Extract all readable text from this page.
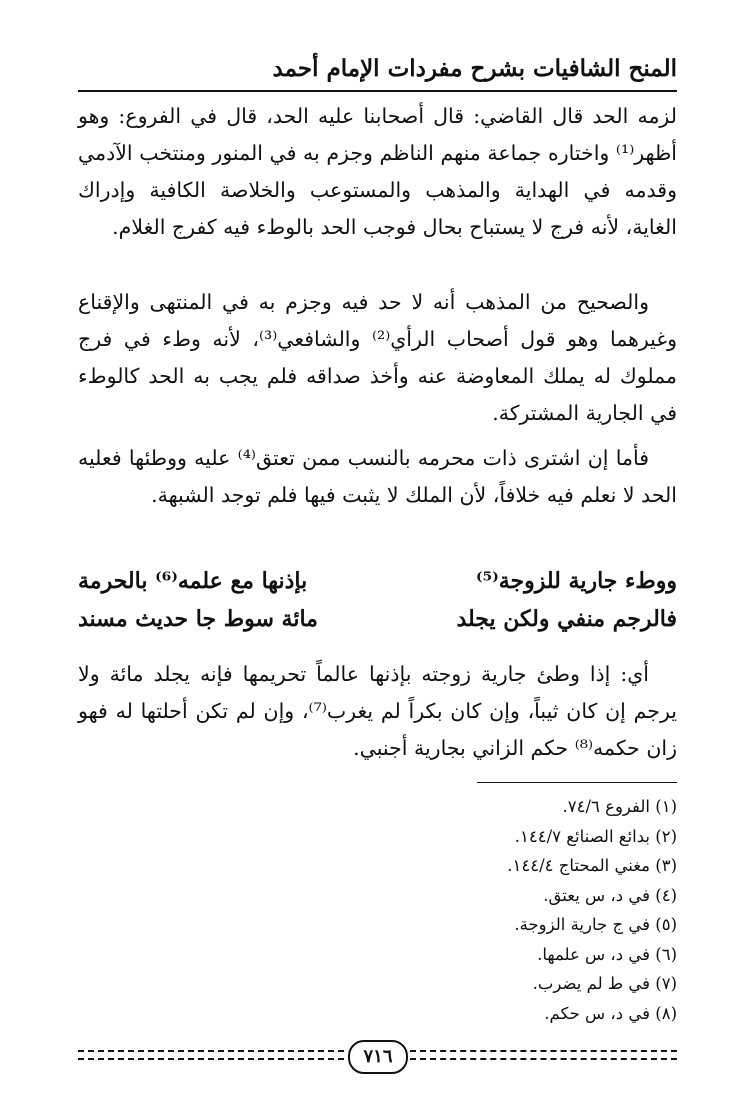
المنح الشافيات بشرح مفردات الإمام أحمد

لزمه الحد قال القاضي: قال أصحابنا عليه الحد، قال في الفروع: وهو أظهر⁽¹⁾ واختاره جماعة منهم الناظم وجزم به في المنور ومنتخب الآدمي وقدمه في الهداية والمذهب والمستوعب والخلاصة الكافية وإدراك الغاية، لأنه فرج لا يستباح بحال فوجب الحد بالوطء فيه كفرج الغلام.

والصحيح من المذهب أنه لا حد فيه وجزم به في المنتهى والإقناع وغيرهما وهو قول أصحاب الرأي⁽²⁾ والشافعي⁽³⁾، لأنه وطء في فرج مملوك له يملك المعاوضة عنه وأخذ صداقه فلم يجب به الحد كالوطء في الجارية المشتركة.

فأما إن اشترى ذات محرمه بالنسب ممن تعتق⁽⁴⁾ عليه ووطئها فعليه الحد لا نعلم فيه خلافاً، لأن الملك لا يثبت فيها فلم توجد الشبهة.

ووطء جارية للزوجة⁽⁵⁾
بإذنها مع علمه⁽⁶⁾ بالحرمة
فالرجم منفي ولكن يجلد
مائة سوط جا حديث مسند

أي: إذا وطئ جارية زوجته بإذنها عالماً تحريمها فإنه يجلد مائة ولا يرجم إن كان ثيباً، وإن كان بكراً لم يغرب⁽⁷⁾، وإن لم تكن أحلتها له فهو زان حكمه⁽⁸⁾ حكم الزاني بجارية أجنبي.

(١) الفروع ٧٤/٦.
(٢) بدائع الصنائع ١٤٤/٧.
(٣) مغني المحتاج ١٤٤/٤.
(٤) في د، س يعتق.
(٥) في ج جارية الزوجة.
(٦) في د، س علمها.
(٧) في ط لم يضرب.
(٨) في د، س حكم.
٧١٦
